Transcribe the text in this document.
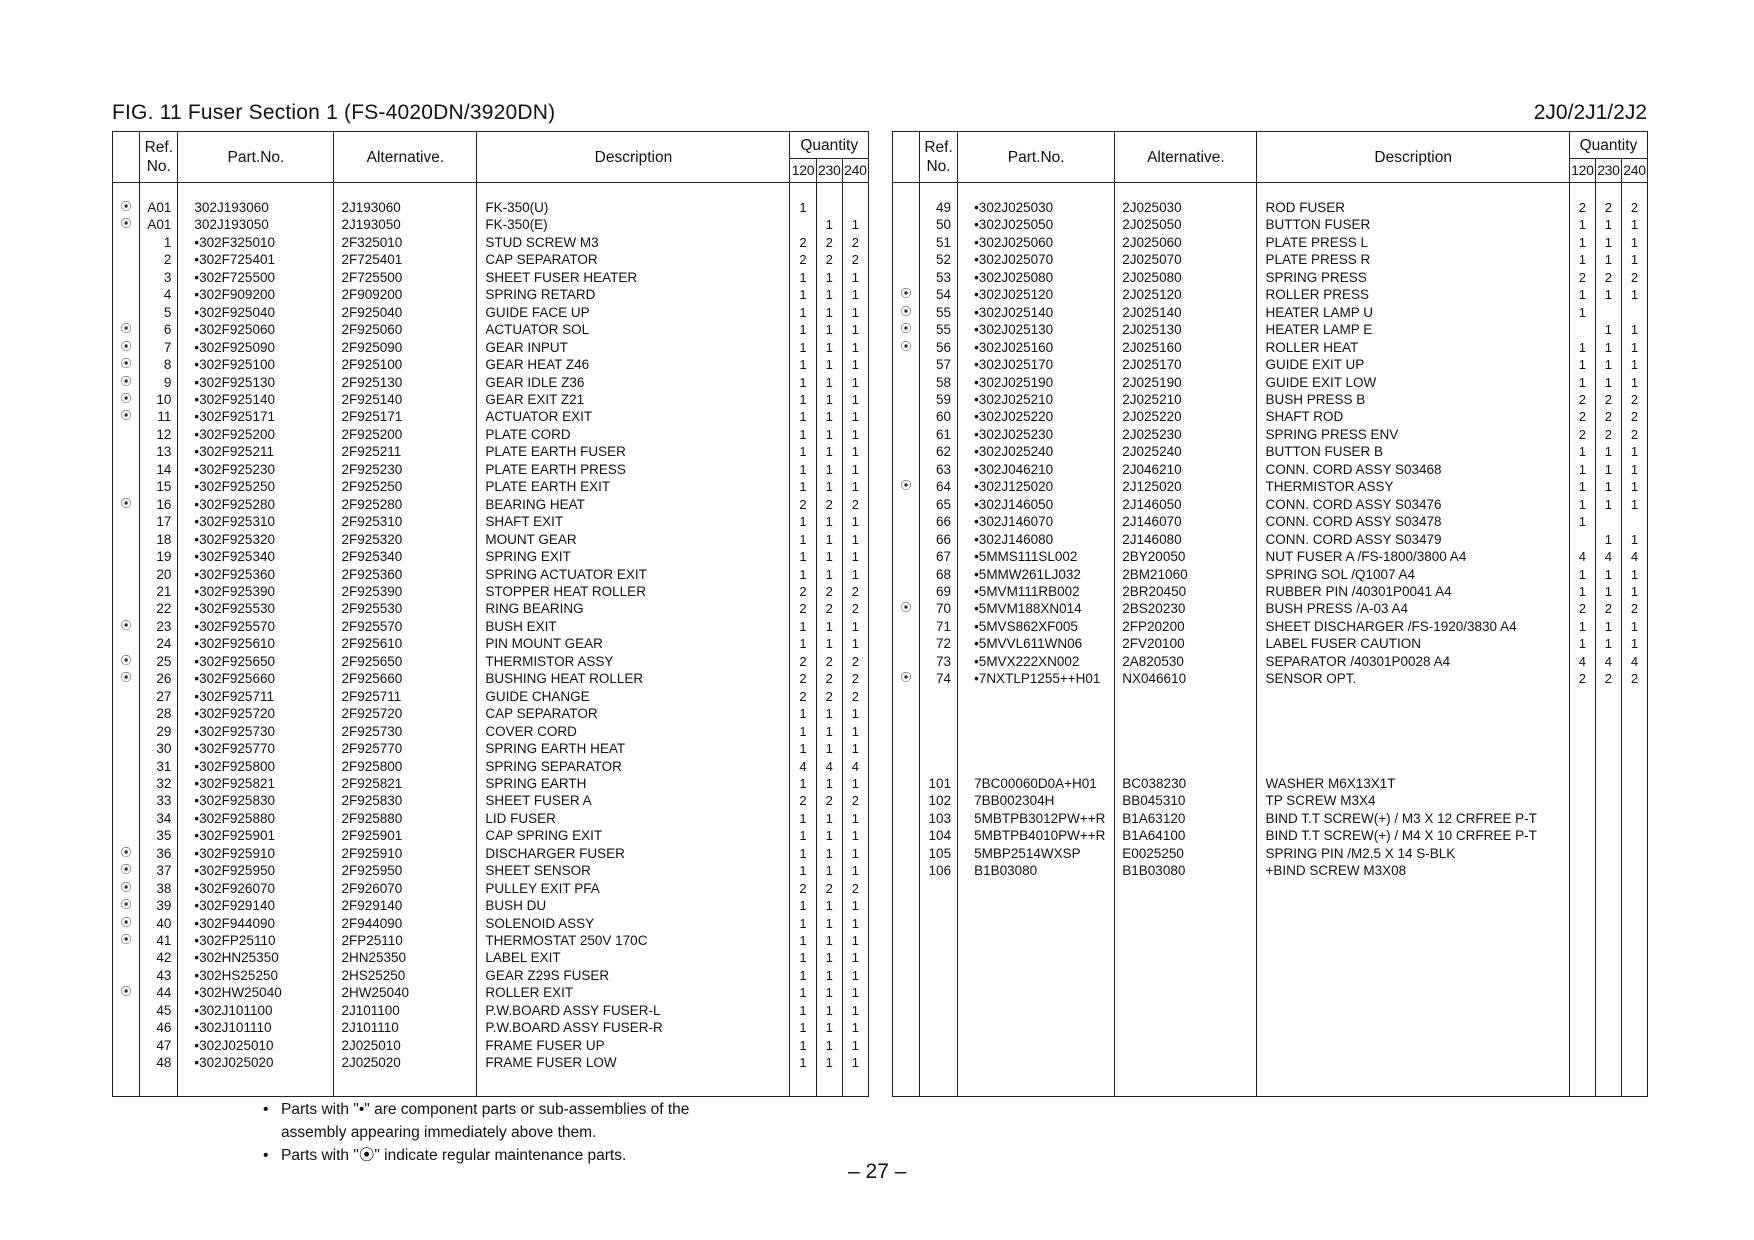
FIG. 11 Fuser Section 1 (FS-4020DN/3920DN)	2J0/2J1/2J2
	Ref.
No.	Part.No.	Alternative.	Description	Quantity		
					120	230	240

⦿	A01	302J193060	2J193060	FK-350(U)	1		
⦿	A01	302J193050	2J193050	FK-350(E)		1	1
	1	•302F325010	2F325010	STUD SCREW M3	2	2	2
	2	•302F725401	2F725401	CAP SEPARATOR	2	2	2
	3	•302F725500	2F725500	SHEET FUSER HEATER	1	1	1
	4	•302F909200	2F909200	SPRING RETARD	1	1	1
	5	•302F925040	2F925040	GUIDE FACE UP	1	1	1
⦿	6	•302F925060	2F925060	ACTUATOR SOL	1	1	1
⦿	7	•302F925090	2F925090	GEAR INPUT	1	1	1
⦿	8	•302F925100	2F925100	GEAR HEAT Z46	1	1	1
⦿	9	•302F925130	2F925130	GEAR IDLE Z36	1	1	1
⦿	10	•302F925140	2F925140	GEAR EXIT Z21	1	1	1
⦿	11	•302F925171	2F925171	ACTUATOR EXIT	1	1	1
	12	•302F925200	2F925200	PLATE CORD	1	1	1
	13	•302F925211	2F925211	PLATE EARTH FUSER	1	1	1
	14	•302F925230	2F925230	PLATE EARTH PRESS	1	1	1
	15	•302F925250	2F925250	PLATE EARTH EXIT	1	1	1
⦿	16	•302F925280	2F925280	BEARING HEAT	2	2	2
	17	•302F925310	2F925310	SHAFT EXIT	1	1	1
	18	•302F925320	2F925320	MOUNT GEAR	1	1	1
	19	•302F925340	2F925340	SPRING EXIT	1	1	1
	20	•302F925360	2F925360	SPRING ACTUATOR EXIT	1	1	1
	21	•302F925390	2F925390	STOPPER HEAT ROLLER	2	2	2
	22	•302F925530	2F925530	RING BEARING	2	2	2
⦿	23	•302F925570	2F925570	BUSH EXIT	1	1	1
	24	•302F925610	2F925610	PIN MOUNT GEAR	1	1	1
⦿	25	•302F925650	2F925650	THERMISTOR ASSY	2	2	2
⦿	26	•302F925660	2F925660	BUSHING HEAT ROLLER	2	2	2
	27	•302F925711	2F925711	GUIDE CHANGE	2	2	2
	28	•302F925720	2F925720	CAP SEPARATOR	1	1	1
	29	•302F925730	2F925730	COVER CORD	1	1	1
	30	•302F925770	2F925770	SPRING EARTH HEAT	1	1	1
	31	•302F925800	2F925800	SPRING SEPARATOR	4	4	4
	32	•302F925821	2F925821	SPRING EARTH	1	1	1
	33	•302F925830	2F925830	SHEET FUSER A	2	2	2
	34	•302F925880	2F925880	LID FUSER	1	1	1
	35	•302F925901	2F925901	CAP SPRING EXIT	1	1	1
⦿	36	•302F925910	2F925910	DISCHARGER FUSER	1	1	1
⦿	37	•302F925950	2F925950	SHEET SENSOR	1	1	1
⦿	38	•302F926070	2F926070	PULLEY EXIT PFA	2	2	2
⦿	39	•302F929140	2F929140	BUSH DU	1	1	1
⦿	40	•302F944090	2F944090	SOLENOID ASSY	1	1	1
⦿	41	•302FP25110	2FP25110	THERMOSTAT 250V 170C	1	1	1
	42	•302HN25350	2HN25350	LABEL EXIT	1	1	1
	43	•302HS25250	2HS25250	GEAR Z29S FUSER	1	1	1
⦿	44	•302HW25040	2HW25040	ROLLER EXIT	1	1	1
	45	•302J101100	2J101100	P.W.BOARD ASSY FUSER-L	1	1	1
	46	•302J101110	2J101110	P.W.BOARD ASSY FUSER-R	1	1	1
	47	•302J025010	2J025010	FRAME FUSER UP	1	1	1
	48	•302J025020	2J025020	FRAME FUSER LOW	1	1	1

	Ref.
No.	Part.No.	Alternative.	Description	Quantity		
					120	230	240

	49	•302J025030	2J025030	ROD FUSER	2	2	2
	50	•302J025050	2J025050	BUTTON FUSER	1	1	1
	51	•302J025060	2J025060	PLATE PRESS L	1	1	1
	52	•302J025070	2J025070	PLATE PRESS R	1	1	1
	53	•302J025080	2J025080	SPRING PRESS	2	2	2
⦿	54	•302J025120	2J025120	ROLLER PRESS	1	1	1
⦿	55	•302J025140	2J025140	HEATER LAMP U	1		
⦿	55	•302J025130	2J025130	HEATER LAMP E		1	1
⦿	56	•302J025160	2J025160	ROLLER HEAT	1	1	1
	57	•302J025170	2J025170	GUIDE EXIT UP	1	1	1
	58	•302J025190	2J025190	GUIDE EXIT LOW	1	1	1
	59	•302J025210	2J025210	BUSH PRESS B	2	2	2
	60	•302J025220	2J025220	SHAFT ROD	2	2	2
	61	•302J025230	2J025230	SPRING PRESS ENV	2	2	2
	62	•302J025240	2J025240	BUTTON FUSER B	1	1	1
	63	•302J046210	2J046210	CONN. CORD ASSY S03468	1	1	1
⦿	64	•302J125020	2J125020	THERMISTOR ASSY	1	1	1
	65	•302J146050	2J146050	CONN. CORD ASSY S03476	1	1	1
	66	•302J146070	2J146070	CONN. CORD ASSY S03478	1		
	66	•302J146080	2J146080	CONN. CORD ASSY S03479		1	1
	67	•5MMS111SL002	2BY20050	NUT FUSER A /FS-1800/3800 A4	4	4	4
	68	•5MMW261LJ032	2BM21060	SPRING SOL /Q1007 A4	1	1	1
	69	•5MVM111RB002	2BR20450	RUBBER PIN /40301P0041 A4	1	1	1
⦿	70	•5MVM188XN014	2BS20230	BUSH PRESS /A-03 A4	2	2	2
	71	•5MVS862XF005	2FP20200	SHEET DISCHARGER /FS-1920/3830 A4	1	1	1
	72	•5MVVL611WN06	2FV20100	LABEL FUSER CAUTION	1	1	1
	73	•5MVX222XN002	2A820530	SEPARATOR /40301P0028 A4	4	4	4
⦿	74	•7NXTLP1255++H01	NX046610	SENSOR OPT.	2	2	2

	101	7BC00060D0A+H01	BC038230	WASHER M6X13X1T			
	102	7BB002304H	BB045310	TP SCREW M3X4			
	103	5MBTPB3012PW++R	B1A63120	BIND T.T SCREW(+) / M3 X 12 CRFREE P-T			
	104	5MBTPB4010PW++R	B1A64100	BIND T.T SCREW(+) / M4 X 10 CRFREE P-T			
	105	5MBP2514WXSP	E0025250	SPRING PIN /M2.5 X 14 S-BLK			
	106	B1B03080	B1B03080	+BIND SCREW M3X08			

• Parts with "•" are component parts or sub-assemblies of the
assembly appearing immediately above them.
• Parts with "⦿" indicate regular maintenance parts.
– 27 –
